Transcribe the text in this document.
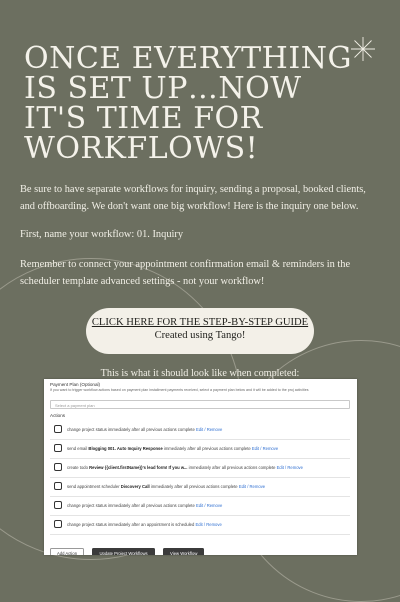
ONCE EVERYTHING IS SET UP…NOW IT'S TIME FOR WORKFLOWS!

Be sure to have separate workflows for inquiry, sending a proposal, booked clients, and offboarding. We don't want one big workflow! Here is the inquiry one below.

First, name your workflow: 01. Inquiry

Remember to connect your appointment confirmation email & reminders in the scheduler template advanced settings - not your workflow!

CLICK HERE FOR THE STEP-BY-STEP GUIDE
Created using Tango!

This is what it should look like when completed:

Payment Plan (Optional)
If you want to trigger workflow actions based on payment plan installment payments received, select a payment plan below and it will be added to the proj activities
Select a payment plan
Actions
change project status immediately after all previous actions complete Edit / Remove
send email Blogging 001. Auto Inquiry Response immediately after all previous actions complete Edit / Remove
create todo Review {{client.firstName}}'s lead form! If you w... immediately after all previous actions complete Edit / Remove
send appointment scheduler Discovery Call immediately after all previous actions complete Edit / Remove
change project status immediately after all previous actions complete Edit / Remove
change project status immediately after an appointment is scheduled Edit / Remove
Add Action	Update Project Workflows	View Workflow
